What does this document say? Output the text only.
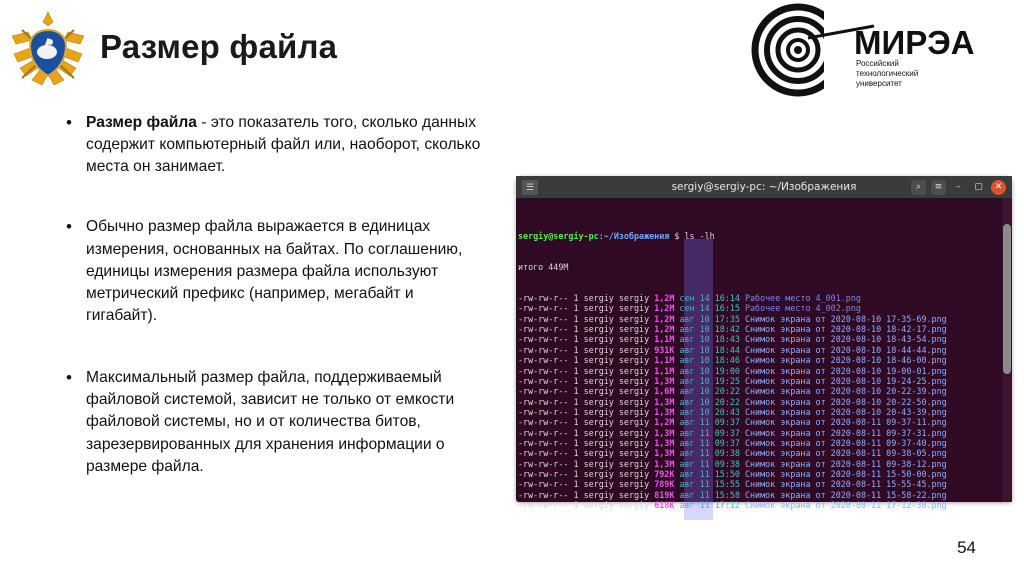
Размер файла	МИРЭА
Российский
технологический
университет
• Размер файла - это показатель того, сколько данных содержит компьютерный файл или, наоборот, сколько места он занимает.
• Обычно размер файла выражается в единицах измерения, основанных на байтах. По соглашению, единицы измерения размера файла используют метрический префикс (например, мегабайт и гигабайт).
• Максимальный размер файла, поддерживаемый файловой системой, зависит не только от емкости файловой системы, но и от количества битов, зарезервированных для хранения информации о размере файла.
☰	sergiy@sergiy-pc: ~/Изображения	⌕	≡	–	▢	✕

sergiy@sergiy-pc:~/Изображения $ ls -lh

итого 449M

-rw-rw-r-- 1 sergiy sergiy 1,2M сен 14 16:14 Рабочее место 4_001.png
-rw-rw-r-- 1 sergiy sergiy 1,2M сен 14 16:15 Рабочее место 4_002.png
-rw-rw-r-- 1 sergiy sergiy 1,2M авг 10 17:35 Снимок экрана от 2020-08-10 17-35-69.png
-rw-rw-r-- 1 sergiy sergiy 1,2M авг 10 18:42 Снимок экрана от 2020-08-10 18-42-17.png
-rw-rw-r-- 1 sergiy sergiy 1,1M авг 10 18:43 Снимок экрана от 2020-08-10 18-43-54.png
-rw-rw-r-- 1 sergiy sergiy 931K авг 10 18:44 Снимок экрана от 2020-08-10 18-44-44.png
-rw-rw-r-- 1 sergiy sergiy 1,1M авг 10 18:46 Снимок экрана от 2020-08-10 18-46-00.png
-rw-rw-r-- 1 sergiy sergiy 1,1M авг 10 19:00 Снимок экрана от 2020-08-10 19-00-01.png
-rw-rw-r-- 1 sergiy sergiy 1,3M авг 10 19:25 Снимок экрана от 2020-08-10 19-24-25.png
-rw-rw-r-- 1 sergiy sergiy 1,6M авг 10 20:22 Снимок экрана от 2020-08-10 20-22-39.png
-rw-rw-r-- 1 sergiy sergiy 1,3M авг 10 20:22 Снимок экрана от 2020-08-10 20-22-50.png
-rw-rw-r-- 1 sergiy sergiy 1,3M авг 10 20:43 Снимок экрана от 2020-08-10 20-43-39.png
-rw-rw-r-- 1 sergiy sergiy 1,2M авг 11 09:37 Снимок экрана от 2020-08-11 09-37-11.png
-rw-rw-r-- 1 sergiy sergiy 1,3M авг 11 09:37 Снимок экрана от 2020-08-11 09-37-31.png
-rw-rw-r-- 1 sergiy sergiy 1,3M авг 11 09:37 Снимок экрана от 2020-08-11 09-37-40.png
-rw-rw-r-- 1 sergiy sergiy 1,3M авг 11 09:38 Снимок экрана от 2020-08-11 09-38-05.png
-rw-rw-r-- 1 sergiy sergiy 1,3M авг 11 09:38 Снимок экрана от 2020-08-11 09-38-12.png
-rw-rw-r-- 1 sergiy sergiy 792K авг 11 15:50 Снимок экрана от 2020-08-11 15-50-00.png
-rw-rw-r-- 1 sergiy sergiy 789K авг 11 15:55 Снимок экрана от 2020-08-11 15-55-45.png
-rw-rw-r-- 1 sergiy sergiy 819K авг 11 15:58 Снимок экрана от 2020-08-11 15-58-22.png
-rw-rw-r-- 1 sergiy sergiy 618K авг 11 17:12 Снимок экрана от 2020-08-11 17-12-38.png

54
